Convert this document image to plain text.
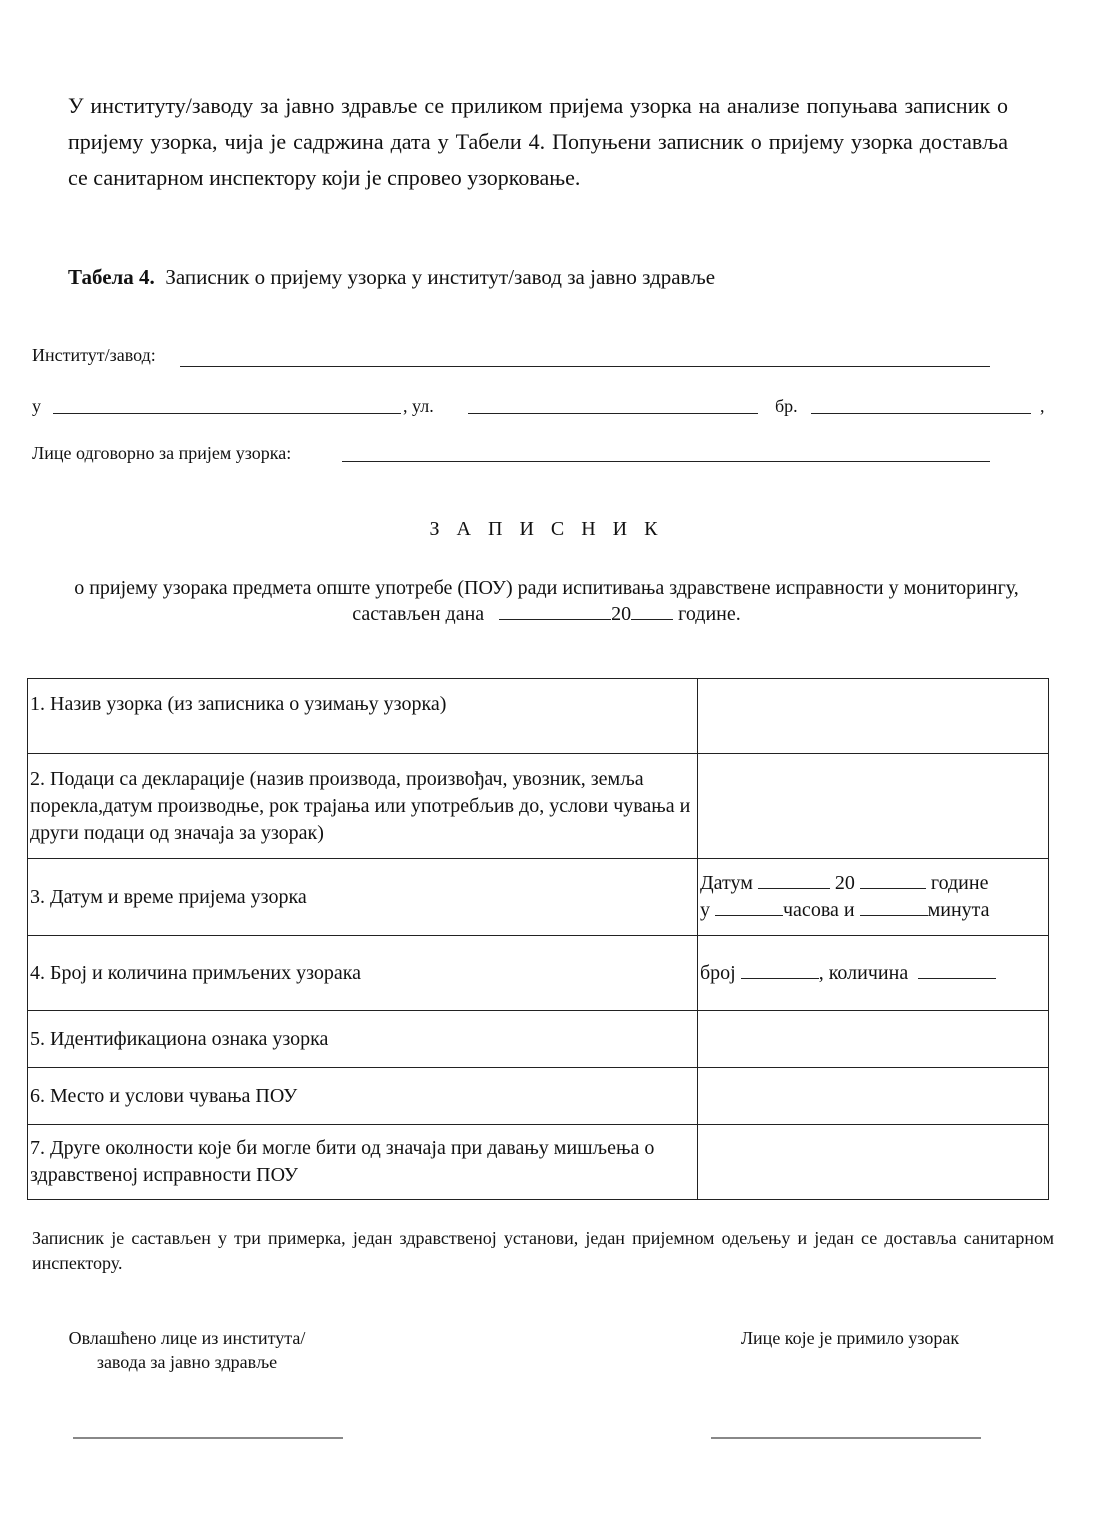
У институту/заводу за јавно здравље се приликом пријема узорка на анализе попуњава записник о пријему узорка, чија је садржина дата у Табели 4. Попуњени записник о пријему узорка доставља се санитарном инспектору који је спровео узорковање.
Табела 4. Записник о пријему узорка у институт/завод за јавно здравље
Институт/завод:
у	, ул.	бр.	,
Лице одговорно за пријем узорка:
З А П И С Н И К
о пријему узорака предмета опште употребе (ПОУ) ради испитивања здравствене исправности у мониторингу,
састављен дана	20 године.
1. Назив узорка (из записника о узимању узорка)	
2. Подаци са декларације (назив производа, произвођач, увозник, земља порекла,датум производње, рок трајања или употребљив до, услови чувања и други подаци од значаја за узорак)	
3. Датум и време пријема узорка	Датум 20 године
у часова и минута

4. Број и количина примљених узорака	број , количина
5. Идентификациона ознака узорка	
6. Место и услови чувања ПОУ	
7. Друге околности које би могле бити од значаја при давању мишљења о здравственој исправности ПОУ	
Записник је састављен у три примерка, један здравственој установи, један пријемном одељењу и један се доставља санитарном инспектору.
Овлашћено лице из института/завода за јавно здравље
Лице које је примило узорак
